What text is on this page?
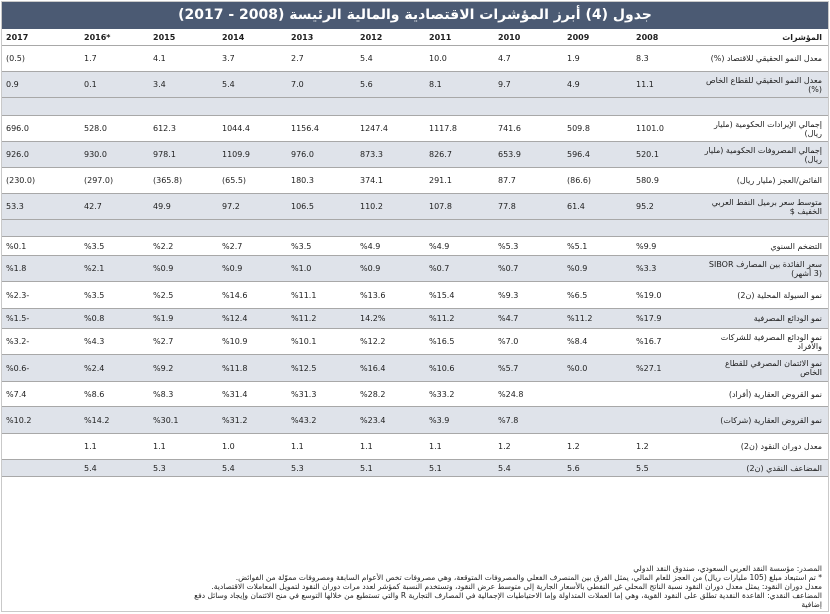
جدول (4) أبرز المؤشرات الاقتصادية والمالية الرئيسة (2008 - 2017)
المؤشرات	2008	2009	2010	2011	2012	2013	2014	2015	*2016	2017
معدل النمو الحقيقي للاقتصاد (%)	8.3	1.9	4.7	10.0	5.4	2.7	3.7	4.1	1.7	(0.5)
معدل النمو الحقيقي للقطاع الخاص (%)	11.1	4.9	9.7	8.1	5.6	7.0	5.4	3.4	0.1	0.9

إجمالي الإيرادات الحكومية (مليار ريال)	1101.0	509.8	741.6	1117.8	1247.4	1156.4	1044.4	612.3	528.0	696.0
إجمالي المصروفات الحكومية (مليار ريال)	520.1	596.4	653.9	826.7	873.3	976.0	1109.9	978.1	930.0	926.0
الفائض/العجز (مليار ريال)	580.9	(86.6)	87.7	291.1	374.1	180.3	(65.5)	(365.8)	(297.0)	(230.0)
متوسط سعر برميل النفط العربي الخفيف $	95.2	61.4	77.8	107.8	110.2	106.5	97.2	49.9	42.7	53.3

التضخم السنوي	%9.9	%5.1	%5.3	%4.9	%4.9	%3.5	%2.7	%2.2	%3.5	%0.1
سعر الفائدة بين المصارف SIBOR (3 أشهر)	%3.3	%0.9	%0.7	%0.7	%0.9	%1.0	%0.9	%0.9	%2.1	%1.8
نمو السيولة المحلية (ن2)	%19.0	%6.5	%9.3	%15.4	%13.6	%11.1	%14.6	%2.5	%3.5	%2.3-
نمو الودائع المصرفية	%17.9	%11.2	%4.7	%11.2	14.2%	%11.2	%12.4	%1.9	%0.8	%1.5-
نمو الودائع المصرفية للشركات والأفراد	%16.7	%8.4	%7.0	%16.5	%12.2	%10.1	%10.9	%2.7	%4.3	%3.2-
نمو الائتمان المصرفي للقطاع الخاص	%27.1	%0.0	%5.7	%10.6	%16.4	%12.5	%11.8	%9.2	%2.4	%0.6-
نمو القروض العقارية (أفراد)			%24.8	%33.2	%28.2	%31.3	%31.4	%8.3	%8.6	%7.4
نمو القروض العقارية (شركات)			%7.8	%3.9	%23.4	%43.2	%31.2	%30.1	%14.2	%10.2
معدل دوران النقود (ن2)	1.2	1.2	1.2	1.1	1.1	1.1	1.0	1.1	1.1	
المضاعف النقدي (ن2)	5.5	5.6	5.4	5.1	5.1	5.3	5.4	5.3	5.4	
المصدر: مؤسسة النقد العربي السعودي، صندوق النقد الدولي
* تم استبعاد مبلغ (105 مليارات ريال) من العجز للعام المالي، يمثل الفرق بين المنصرف الفعلي والمصروفات المتوقعة، وهي مصروفات تخص الأعوام السابقة ومصروفات مموّلة من الفوائض.
معدل دوران النقود: يمثل معدل دوران النقود نسبة الناتج المحلي غير النفطي بالأسعار الجارية إلى متوسط عرض النقود، وتستخدم النسبة كمؤشر لعدد مرات دوران النقود لتمويل المعاملات الاقتصادية.
المضاعف النقدي: القاعدة النقدية تطلق على النقود القوية، وهي إما العملات المتداولة وإما الاحتياطيات الإجمالية في المصارف التجارية R والتي تستطيع من خلالها التوسع في منح الائتمان وإيجاد وسائل دفع
إضافية
